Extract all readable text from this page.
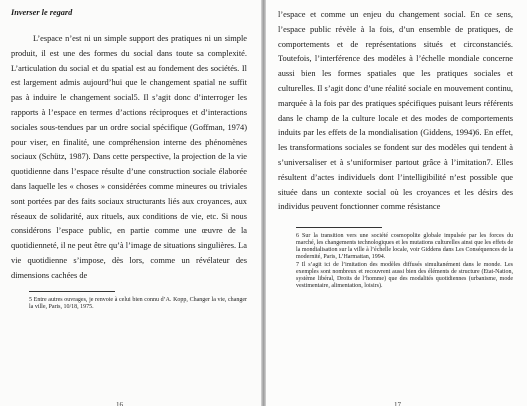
Inverser le regard

L’espace n’est ni un simple support des pratiques ni un simple produit, il est une des formes du social dans toute sa complexité. L’articulation du social et du spatial est au fondement des sociétés. Il est largement admis aujourd’hui que le changement spatial ne suffit pas à induire le changement social5. Il s’agit donc d’interroger les rapports à l’espace en termes d’actions réciproques et d’interactions sociales sous-tendues par un ordre social spécifique (Goffman, 1974) pour viser, en finalité, une compréhension interne des phénomènes sociaux (Schütz, 1987). Dans cette perspective, la projection de la vie quotidienne dans l’espace résulte d’une construction sociale élaborée dans laquelle les « choses » considérées comme mineures ou triviales sont portées par des faits sociaux structurants liés aux croyances, aux réseaux de solidarité, aux rituels, aux conditions de vie, etc. Si nous considérons l’espace public, en partie comme une œuvre de la quotidienneté, il ne peut être qu’à l’image de situations singulières. La vie quotidienne s’impose, dès lors, comme un révélateur des dimensions cachées de

5 Entre autres ouvrages, je renvoie à celui bien connu d’A. Kopp, Changer la vie, changer la ville, Paris, 10/18, 1975.

16

l’espace et comme un enjeu du changement social. En ce sens, l’espace public révèle à la fois, d’un ensemble de pratiques, de comportements et de représentations situés et circonstanciés. Toutefois, l’interférence des modèles à l’échelle mondiale concerne aussi bien les formes spatiales que les pratiques sociales et culturelles. Il s’agit donc d’une réalité sociale en mouvement continu, marquée à la fois par des pratiques spécifiques puisant leurs référents dans le champ de la culture locale et des modes de comportements induits par les effets de la mondialisation (Giddens, 1994)6. En effet, les transformations sociales se fondent sur des modèles qui tendent à s’universaliser et à s’uniformiser partout grâce à l’imitation7. Elles résultent d’actes individuels dont l’intelligibilité n’est possible que située dans un contexte social où les croyances et les désirs des individus peuvent fonctionner comme résistance

6 Sur la transition vers une société cosmopolite globale impulsée par les forces du marché, les changements technologiques et les mutations culturelles ainsi que les effets de la mondialisation sur la ville à l’échelle locale, voir Giddens dans Les Conséquences de la modernité, Paris, L’Harmattan, 1994.

7 Il s’agit ici de l’imitation des modèles diffusés simultanément dans le monde. Les exemples sont nombreux et recouvrent aussi bien des éléments de structure (Etat-Nation, système libéral, Droits de l’homme) que des modalités quotidiennes (urbanisme, mode vestimentaire, alimentation, loisirs).

17
